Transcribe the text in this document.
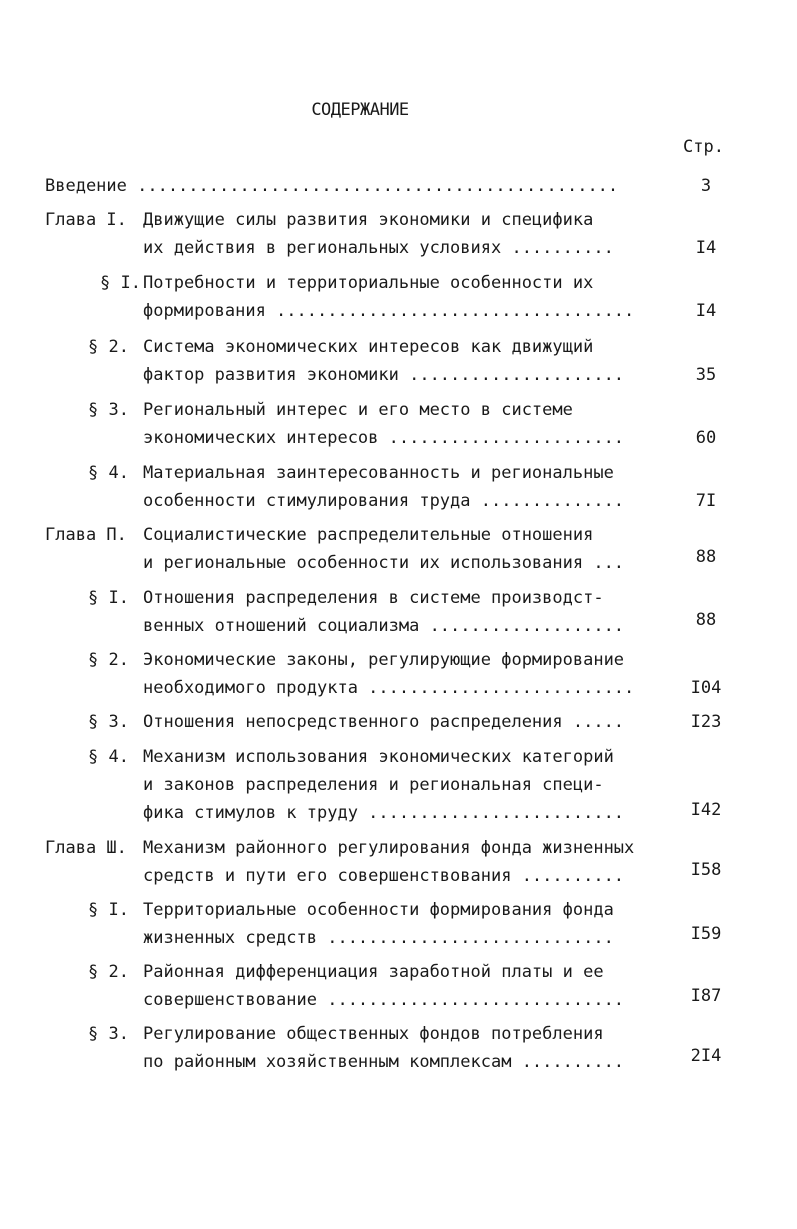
СОДЕРЖАНИЕ
Стр.
Введение ...............................................	3
Глава I. Движущие силы развития экономики и специфика
их действия в региональных условиях ..........	I4
§ I. Потребности и территориальные особенности их
формирования ...................................	I4
§ 2. Система экономических интересов как движущий
фактор развития экономики .....................	35
§ 3. Региональный интерес и его место в системе
экономических интересов .......................	60
§ 4. Материальная заинтересованность и региональные
особенности стимулирования труда ..............	7I
Глава П. Социалистические распределительные отношения
и региональные особенности их использования ...	88
§ I. Отношения распределения в системе производст-
венных отношений социализма ...................	88
§ 2. Экономические законы, регулирующие формирование
необходимого продукта ..........................	I04
§ 3. Отношения непосредственного распределения .....	I23
§ 4. Механизм использования экономических категорий
и законов распределения и региональная специ-
фика стимулов к труду .........................	I42
Глава Ш. Механизм районного регулирования фонда жизненных
средств и пути его совершенствования ..........	I58
§ I. Территориальные особенности формирования фонда
жизненных средств ............................	I59
§ 2. Районная дифференциация заработной платы и ее
совершенствование .............................	I87
§ 3. Регулирование общественных фондов потребления
по районным хозяйственным комплексам ..........	2I4
